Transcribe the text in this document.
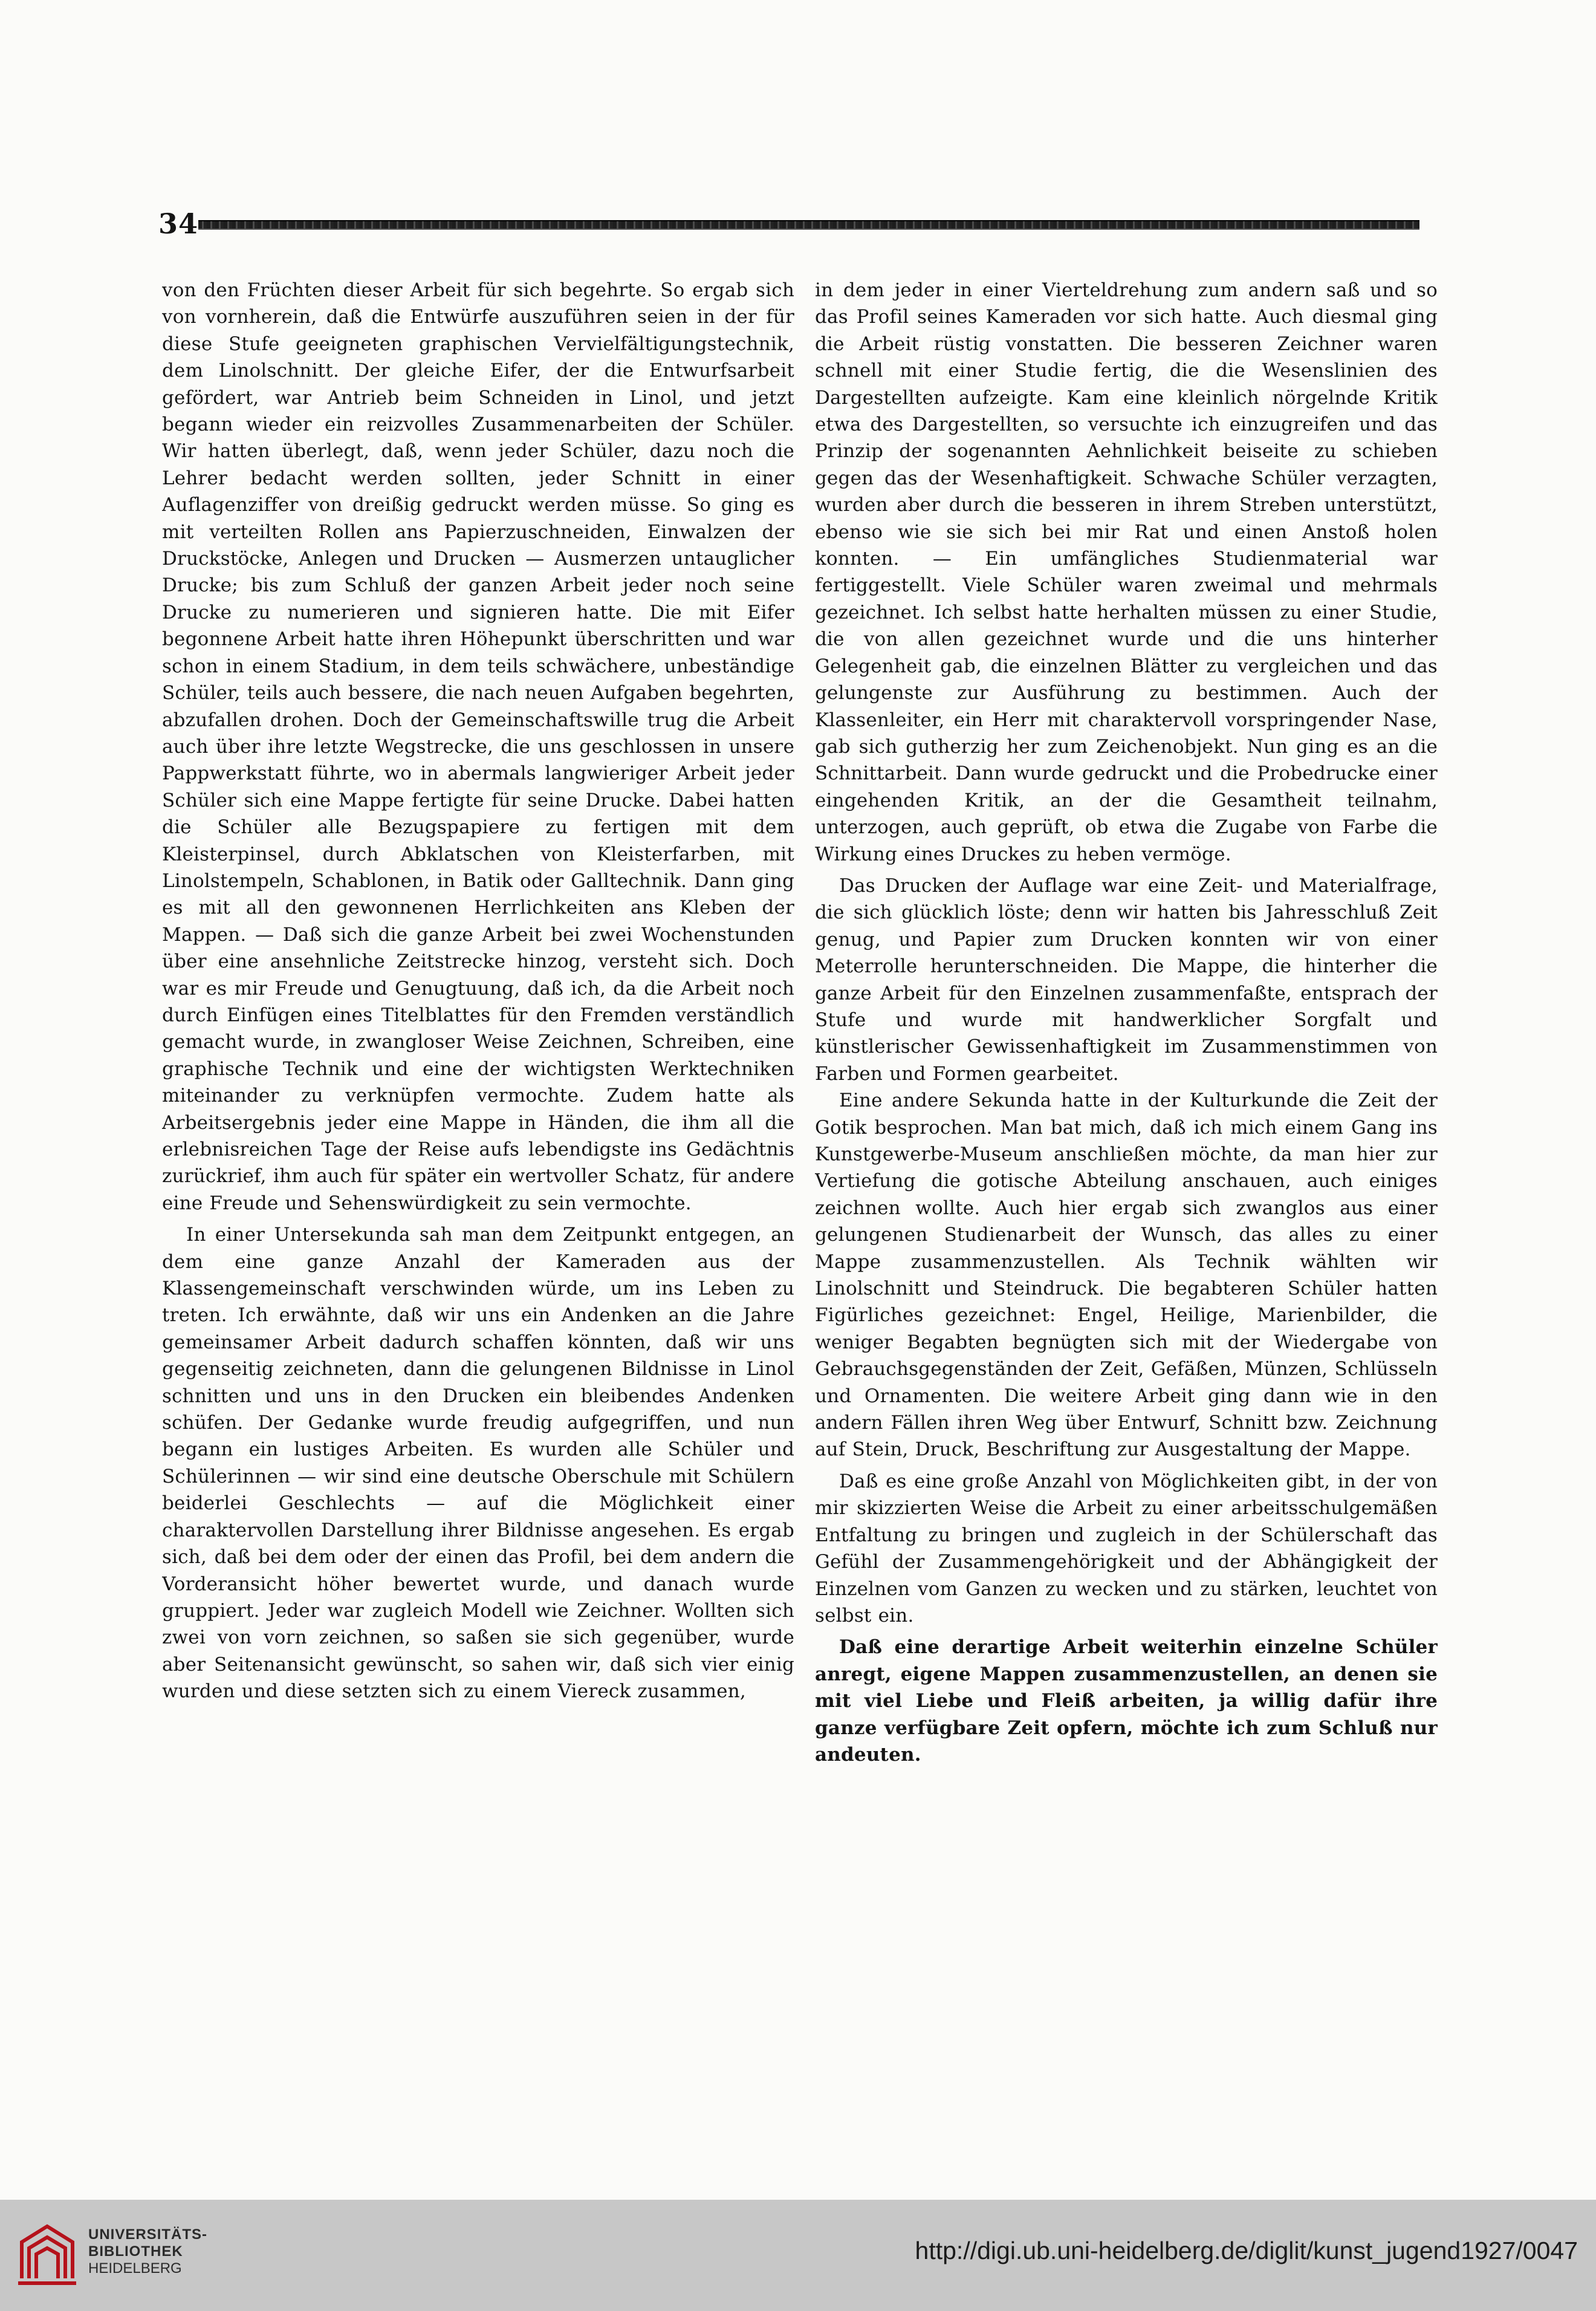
34

von den Früchten dieser Arbeit für sich begehrte. So ergab sich von vornherein, daß die Entwürfe auszuführen seien in der für diese Stufe geeigneten graphischen Vervielfältigungstechnik, dem Linolschnitt. Der gleiche Eifer, der die Entwurfsarbeit gefördert, war Antrieb beim Schneiden in Linol, und jetzt begann wieder ein reizvolles Zusammenarbeiten der Schüler. Wir hatten überlegt, daß, wenn jeder Schüler, dazu noch die Lehrer bedacht werden sollten, jeder Schnitt in einer Auflagenziffer von dreißig gedruckt werden müsse. So ging es mit verteilten Rollen ans Papierzuschneiden, Einwalzen der Druckstöcke, Anlegen und Drucken — Ausmerzen untauglicher Drucke; bis zum Schluß der ganzen Arbeit jeder noch seine Drucke zu numerieren und signieren hatte. Die mit Eifer begonnene Arbeit hatte ihren Höhepunkt überschritten und war schon in einem Stadium, in dem teils schwächere, unbeständige Schüler, teils auch bessere, die nach neuen Aufgaben begehrten, abzufallen drohen. Doch der Gemeinschaftswille trug die Arbeit auch über ihre letzte Wegstrecke, die uns geschlossen in unsere Pappwerkstatt führte, wo in abermals langwieriger Arbeit jeder Schüler sich eine Mappe fertigte für seine Drucke. Dabei hatten die Schüler alle Bezugspapiere zu fertigen mit dem Kleisterpinsel, durch Abklatschen von Kleisterfarben, mit Linolstempeln, Schablonen, in Batik oder Galltechnik. Dann ging es mit all den gewonnenen Herrlichkeiten ans Kleben der Mappen. — Daß sich die ganze Arbeit bei zwei Wochenstunden über eine ansehnliche Zeitstrecke hinzog, versteht sich. Doch war es mir Freude und Genugtuung, daß ich, da die Arbeit noch durch Einfügen eines Titelblattes für den Fremden verständlich gemacht wurde, in zwangloser Weise Zeichnen, Schreiben, eine graphische Technik und eine der wichtigsten Werktechniken miteinander zu verknüpfen vermochte. Zudem hatte als Arbeitsergebnis jeder eine Mappe in Händen, die ihm all die erlebnisreichen Tage der Reise aufs lebendigste ins Gedächtnis zurückrief, ihm auch für später ein wertvoller Schatz, für andere eine Freude und Sehenswürdigkeit zu sein vermochte.

In einer Untersekunda sah man dem Zeitpunkt entgegen, an dem eine ganze Anzahl der Kameraden aus der Klassengemeinschaft verschwinden würde, um ins Leben zu treten. Ich erwähnte, daß wir uns ein Andenken an die Jahre gemeinsamer Arbeit dadurch schaffen könnten, daß wir uns gegenseitig zeichneten, dann die gelungenen Bildnisse in Linol schnitten und uns in den Drucken ein bleibendes Andenken schüfen. Der Gedanke wurde freudig aufgegriffen, und nun begann ein lustiges Arbeiten. Es wurden alle Schüler und Schülerinnen — wir sind eine deutsche Oberschule mit Schülern beiderlei Geschlechts — auf die Möglichkeit einer charaktervollen Darstellung ihrer Bildnisse angesehen. Es ergab sich, daß bei dem oder der einen das Profil, bei dem andern die Vorderansicht höher bewertet wurde, und danach wurde gruppiert. Jeder war zugleich Modell wie Zeichner. Wollten sich zwei von vorn zeichnen, so saßen sie sich gegenüber, wurde aber Seitenansicht gewünscht, so sahen wir, daß sich vier einig wurden und diese setzten sich zu einem Viereck zusammen,

in dem jeder in einer Vierteldrehung zum andern saß und so das Profil seines Kameraden vor sich hatte. Auch diesmal ging die Arbeit rüstig vonstatten. Die besseren Zeichner waren schnell mit einer Studie fertig, die die Wesenslinien des Dargestellten aufzeigte. Kam eine kleinlich nörgelnde Kritik etwa des Dargestellten, so versuchte ich einzugreifen und das Prinzip der sogenannten Aehnlichkeit beiseite zu schieben gegen das der Wesenhaftigkeit. Schwache Schüler verzagten, wurden aber durch die besseren in ihrem Streben unterstützt, ebenso wie sie sich bei mir Rat und einen Anstoß holen konnten. — Ein umfängliches Studienmaterial war fertiggestellt. Viele Schüler waren zweimal und mehrmals gezeichnet. Ich selbst hatte herhalten müssen zu einer Studie, die von allen gezeichnet wurde und die uns hinterher Gelegenheit gab, die einzelnen Blätter zu vergleichen und das gelungenste zur Ausführung zu bestimmen. Auch der Klassenleiter, ein Herr mit charaktervoll vorspringender Nase, gab sich gutherzig her zum Zeichenobjekt. Nun ging es an die Schnittarbeit. Dann wurde gedruckt und die Probedrucke einer eingehenden Kritik, an der die Gesamtheit teilnahm, unterzogen, auch geprüft, ob etwa die Zugabe von Farbe die Wirkung eines Druckes zu heben vermöge.

Das Drucken der Auflage war eine Zeit- und Materialfrage, die sich glücklich löste; denn wir hatten bis Jahresschluß Zeit genug, und Papier zum Drucken konnten wir von einer Meterrolle herunterschneiden. Die Mappe, die hinterher die ganze Arbeit für den Einzelnen zusammenfaßte, entsprach der Stufe und wurde mit handwerklicher Sorgfalt und künstlerischer Gewissenhaftigkeit im Zusammenstimmen von Farben und Formen gearbeitet.

Eine andere Sekunda hatte in der Kulturkunde die Zeit der Gotik besprochen. Man bat mich, daß ich mich einem Gang ins Kunstgewerbe-Museum anschließen möchte, da man hier zur Vertiefung die gotische Abteilung anschauen, auch einiges zeichnen wollte. Auch hier ergab sich zwanglos aus einer gelungenen Studienarbeit der Wunsch, das alles zu einer Mappe zusammenzustellen. Als Technik wählten wir Linolschnitt und Steindruck. Die begabteren Schüler hatten Figürliches gezeichnet: Engel, Heilige, Marienbilder, die weniger Begabten begnügten sich mit der Wiedergabe von Gebrauchsgegenständen der Zeit, Gefäßen, Münzen, Schlüsseln und Ornamenten. Die weitere Arbeit ging dann wie in den andern Fällen ihren Weg über Entwurf, Schnitt bzw. Zeichnung auf Stein, Druck, Beschriftung zur Ausgestaltung der Mappe.

Daß es eine große Anzahl von Möglichkeiten gibt, in der von mir skizzierten Weise die Arbeit zu einer arbeitsschulgemäßen Entfaltung zu bringen und zugleich in der Schülerschaft das Gefühl der Zusammengehörigkeit und der Abhängigkeit der Einzelnen vom Ganzen zu wecken und zu stärken, leuchtet von selbst ein.

Daß eine derartige Arbeit weiterhin einzelne Schüler anregt, eigene Mappen zusammenzustellen, an denen sie mit viel Liebe und Fleiß arbeiten, ja willig dafür ihre ganze verfügbare Zeit opfern, möchte ich zum Schluß nur andeuten.

UNIVERSITÄTS-
BIBLIOTHEK
HEIDELBERG
http://digi.ub.uni-heidelberg.de/diglit/kunst_jugend1927/0047
